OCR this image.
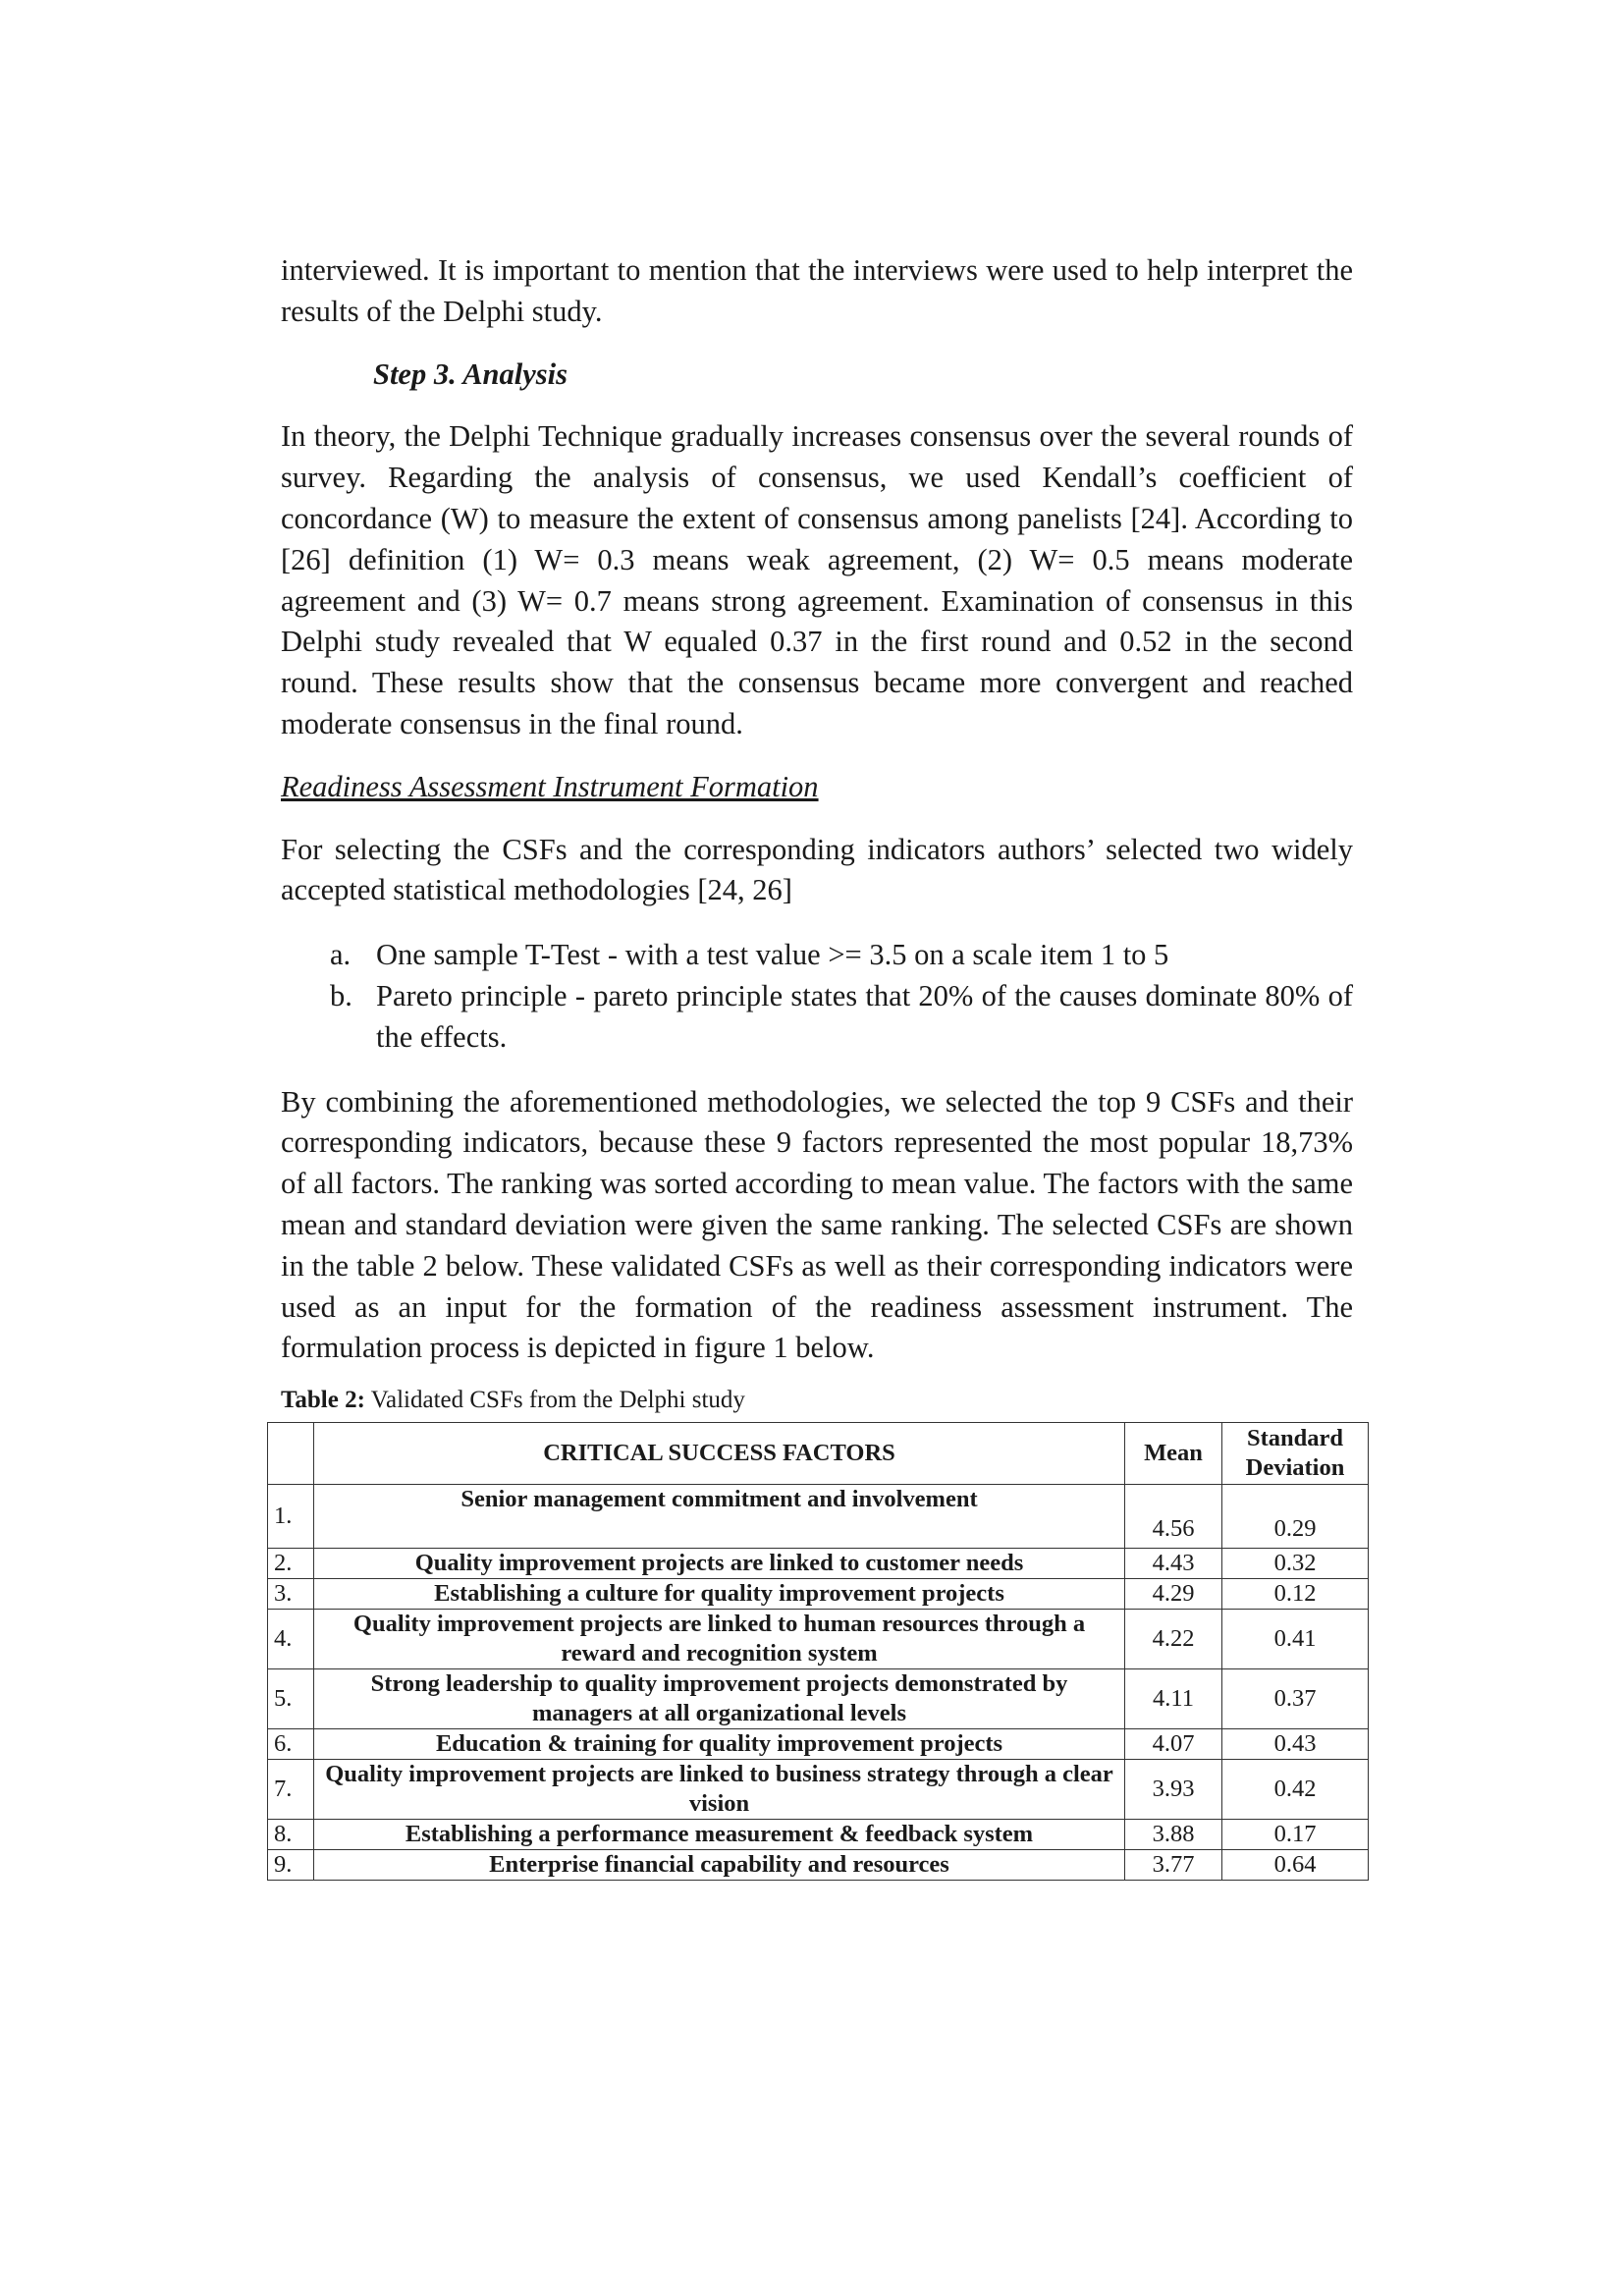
interviewed. It is important to mention that the interviews were used to help interpret the results of the Delphi study.

Step 3. Analysis

In theory, the Delphi Technique gradually increases consensus over the several rounds of survey. Regarding the analysis of consensus, we used Kendall’s coefficient of concordance (W) to measure the extent of consensus among panelists [24]. According to [26] definition (1) W= 0.3 means weak agreement, (2) W= 0.5 means moderate agreement and (3) W= 0.7 means strong agreement. Examination of consensus in this Delphi study revealed that W equaled 0.37 in the first round and 0.52 in the second round. These results show that the consensus became more convergent and reached moderate consensus in the final round.

Readiness Assessment Instrument Formation

For selecting the CSFs and the corresponding indicators authors’ selected two widely accepted statistical methodologies [24, 26]

a. One sample T-Test - with a test value >= 3.5 on a scale item 1 to 5
b. Pareto principle - pareto principle states that 20% of the causes dominate 80% of the effects.

By combining the aforementioned methodologies, we selected the top 9 CSFs and their corresponding indicators, because these 9 factors represented the most popular 18,73% of all factors. The ranking was sorted according to mean value. The factors with the same mean and standard deviation were given the same ranking. The selected CSFs are shown in the table 2 below. These validated CSFs as well as their corresponding indicators were used as an input for the formation of the readiness assessment instrument. The formulation process is depicted in figure 1 below.

Table 2: Validated CSFs from the Delphi study
	CRITICAL SUCCESS FACTORS	Mean	Standard Deviation
1.	Senior management commitment and involvement	4.56	0.29
2.	Quality improvement projects are linked to customer needs	4.43	0.32
3.	Establishing a culture for quality improvement projects	4.29	0.12
4.	Quality improvement projects are linked to human resources through a reward and recognition system	4.22	0.41
5.	Strong leadership to quality improvement projects demonstrated by managers at all organizational levels	4.11	0.37
6.	Education & training for quality improvement projects	4.07	0.43
7.	Quality improvement projects are linked to business strategy through a clear vision	3.93	0.42
8.	Establishing a performance measurement & feedback system	3.88	0.17
9.	Enterprise financial capability and resources	3.77	0.64
